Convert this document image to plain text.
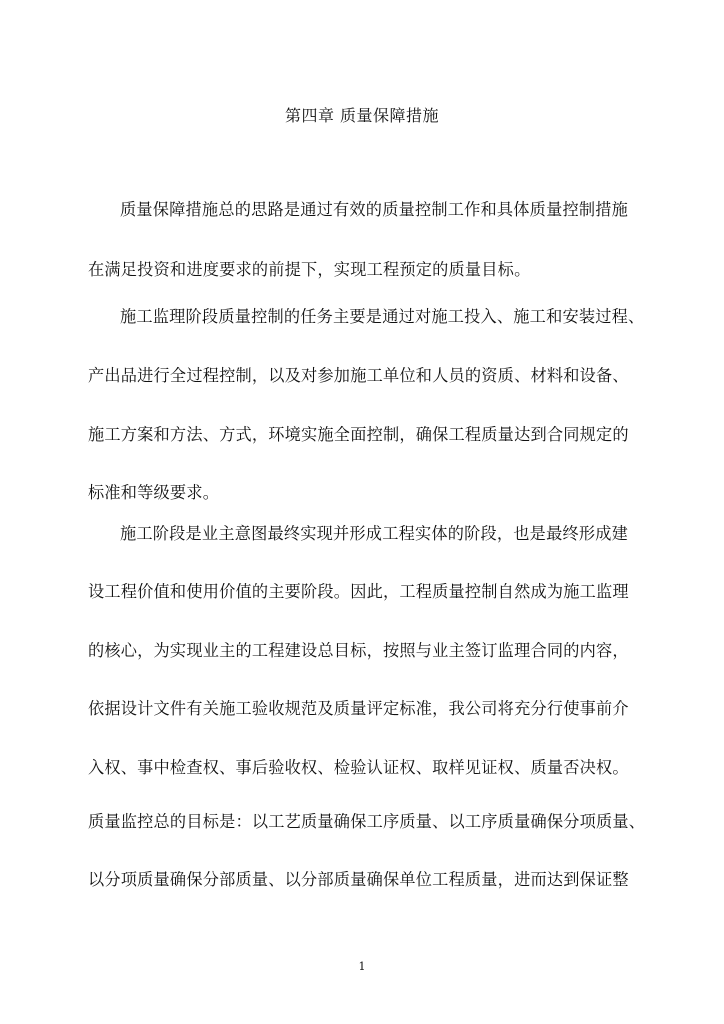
第四章 质量保障措施
质量保障措施总的思路是通过有效的质量控制工作和具体质量控制措施
在满足投资和进度要求的前提下，实现工程预定的质量目标。
施工监理阶段质量控制的任务主要是通过对施工投入、施工和安装过程、
产出品进行全过程控制，以及对参加施工单位和人员的资质、材料和设备、
施工方案和方法、方式，环境实施全面控制，确保工程质量达到合同规定的
标准和等级要求。
施工阶段是业主意图最终实现并形成工程实体的阶段，也是最终形成建
设工程价值和使用价值的主要阶段。因此，工程质量控制自然成为施工监理
的核心，为实现业主的工程建设总目标，按照与业主签订监理合同的内容，
依据设计文件有关施工验收规范及质量评定标准，我公司将充分行使事前介
入权、事中检查权、事后验收权、检验认证权、取样见证权、质量否决权。
质量监控总的目标是：以工艺质量确保工序质量、以工序质量确保分项质量、
以分项质量确保分部质量、以分部质量确保单位工程质量，进而达到保证整
1
